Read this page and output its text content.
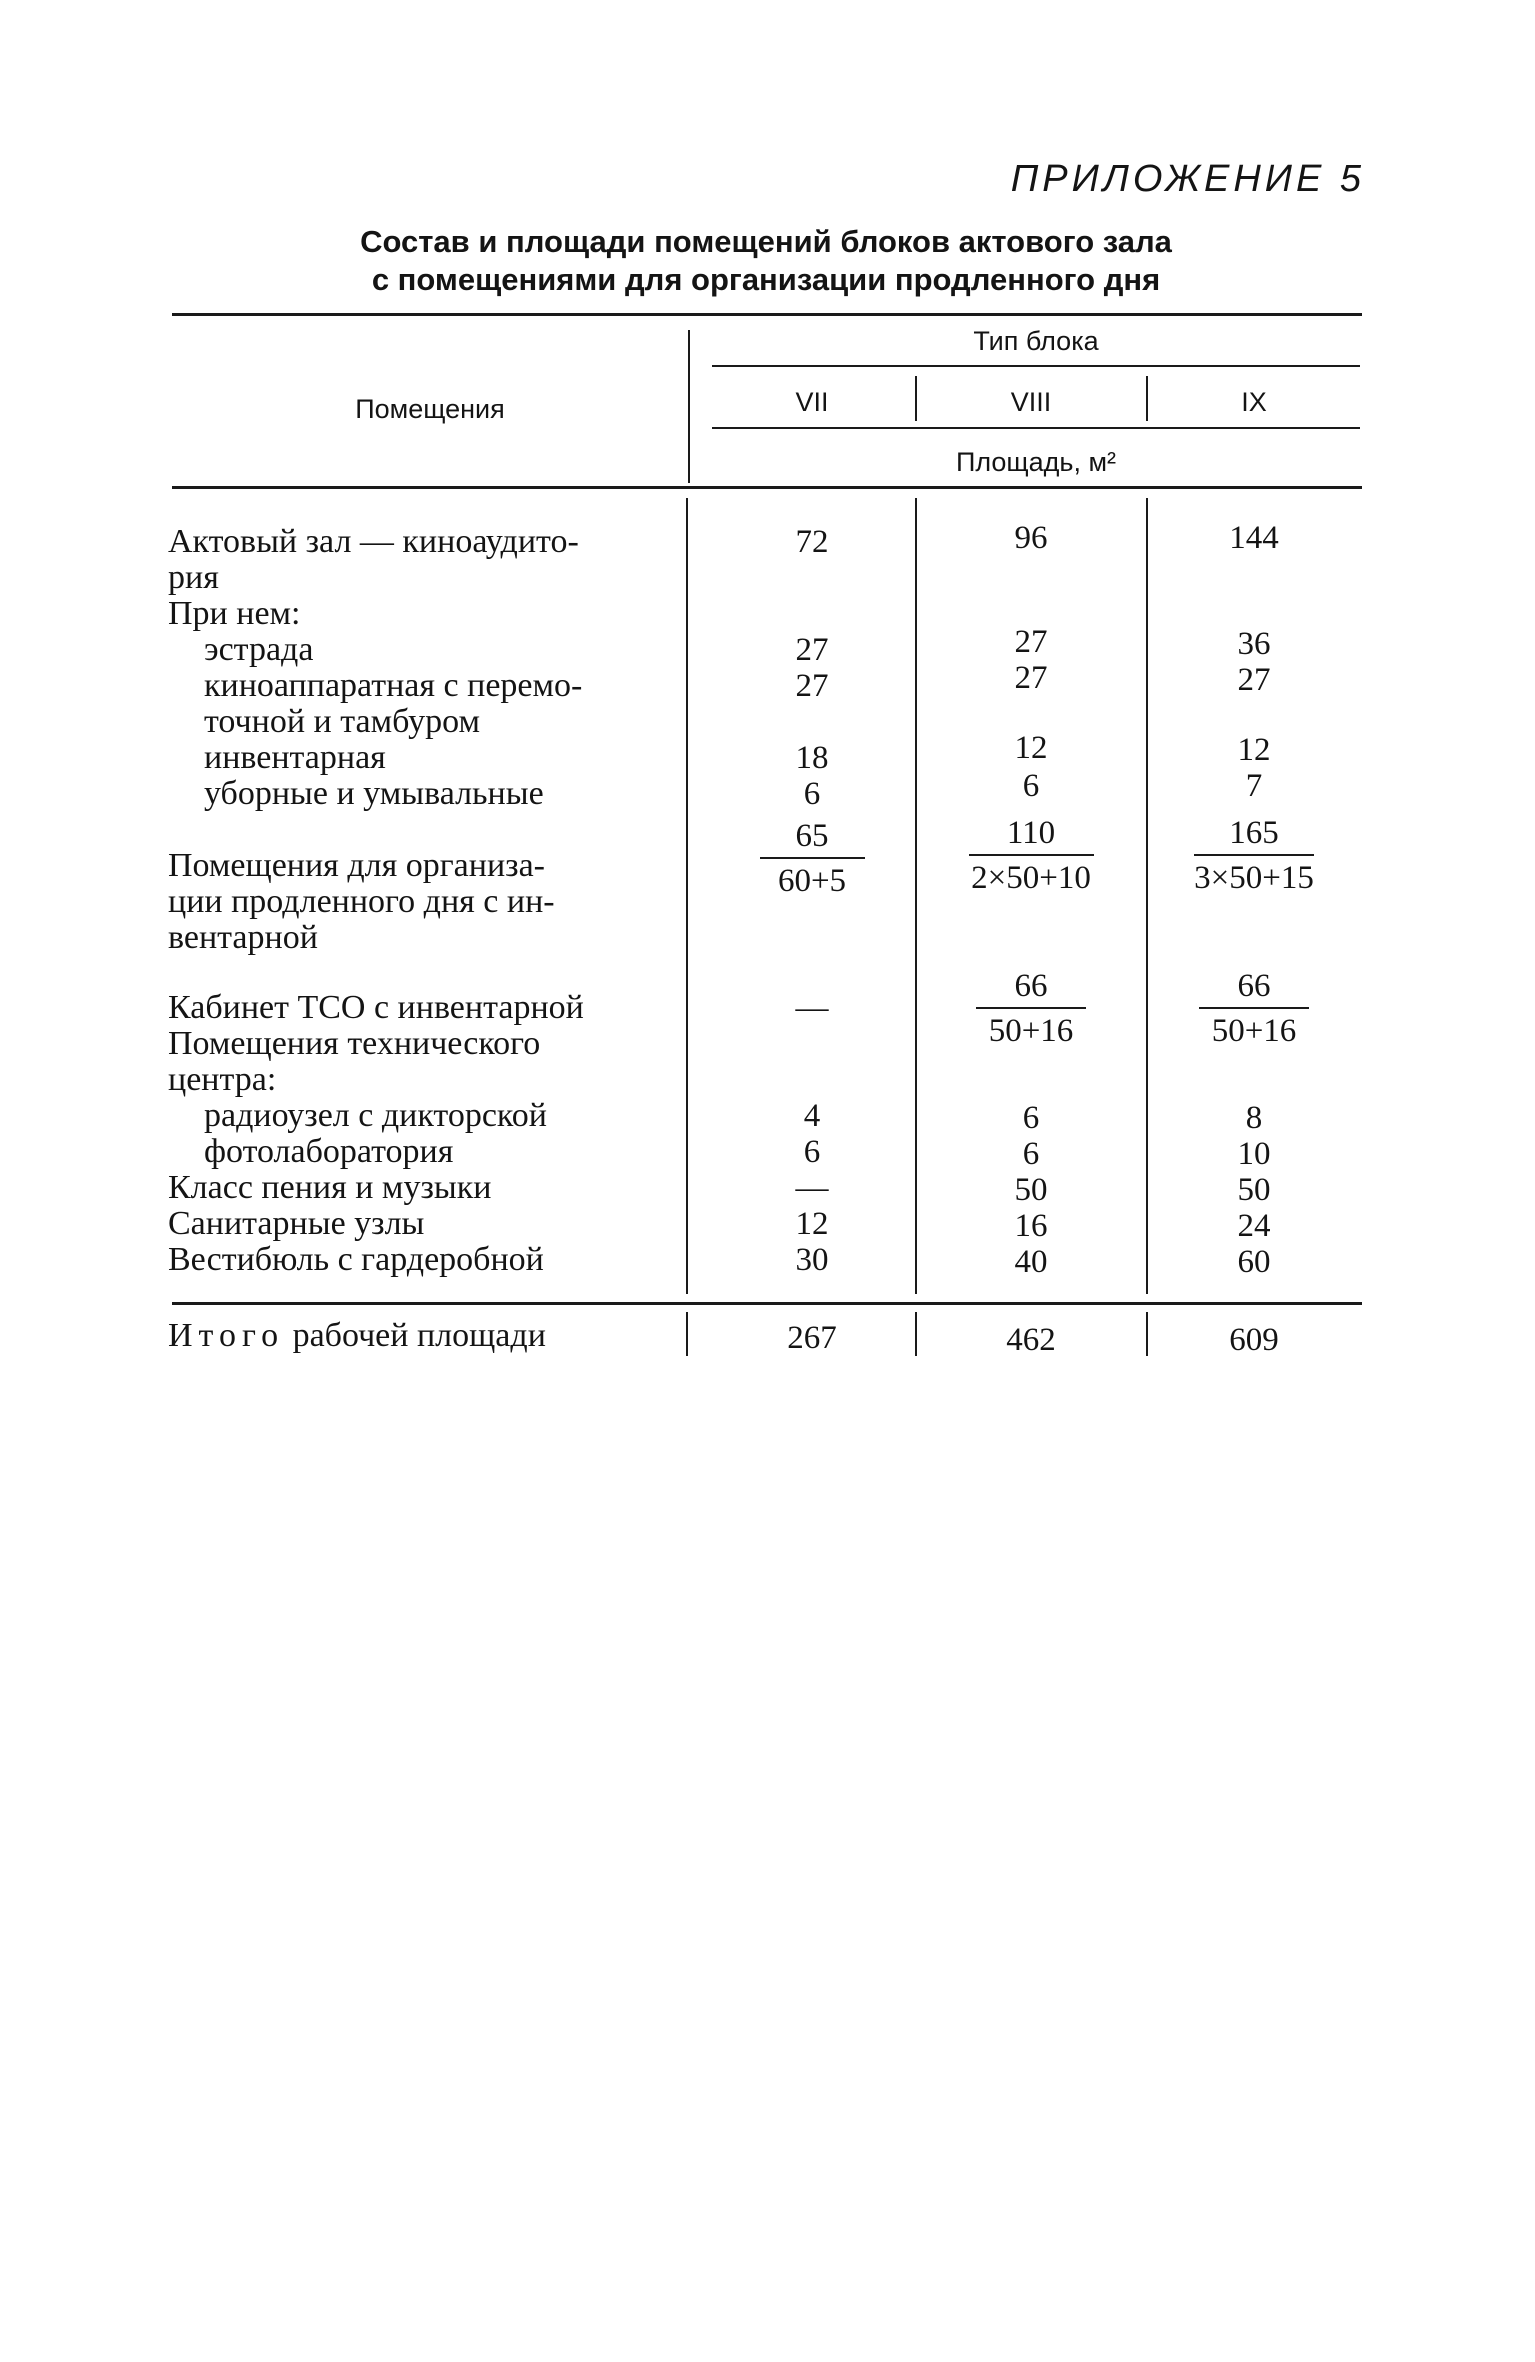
ПРИЛОЖЕНИЕ 5
Состав и площади помещений блоков актового зала
с помещениями для организации продленного дня
Помещения
Тип блока
VII	VIII	IX
Площадь, м²
Актовый зал — киноаудито-
рия
При нем:
эстрада
киноаппаратная с перемо-
точной и тамбуром
инвентарная
уборные и умывальные
Помещения для организа-
ции продленного дня с ин-
вентарной
Кабинет ТСО с инвентарной
Помещения технического
центра:
радиоузел с дикторской
фотолаборатория
Класс пения и музыки
Санитарные узлы
Вестибюль с гардеробной
Итого рабочей площади
72
27
27
18
6
65
60+5
—
4
6
—
12
30
267
96
27
27
12
6
110
2×50+10
66
50+16
6
6
50
16
40
462
144
36
27
12
7
165
3×50+15
66
50+16
8
10
50
24
60
609
